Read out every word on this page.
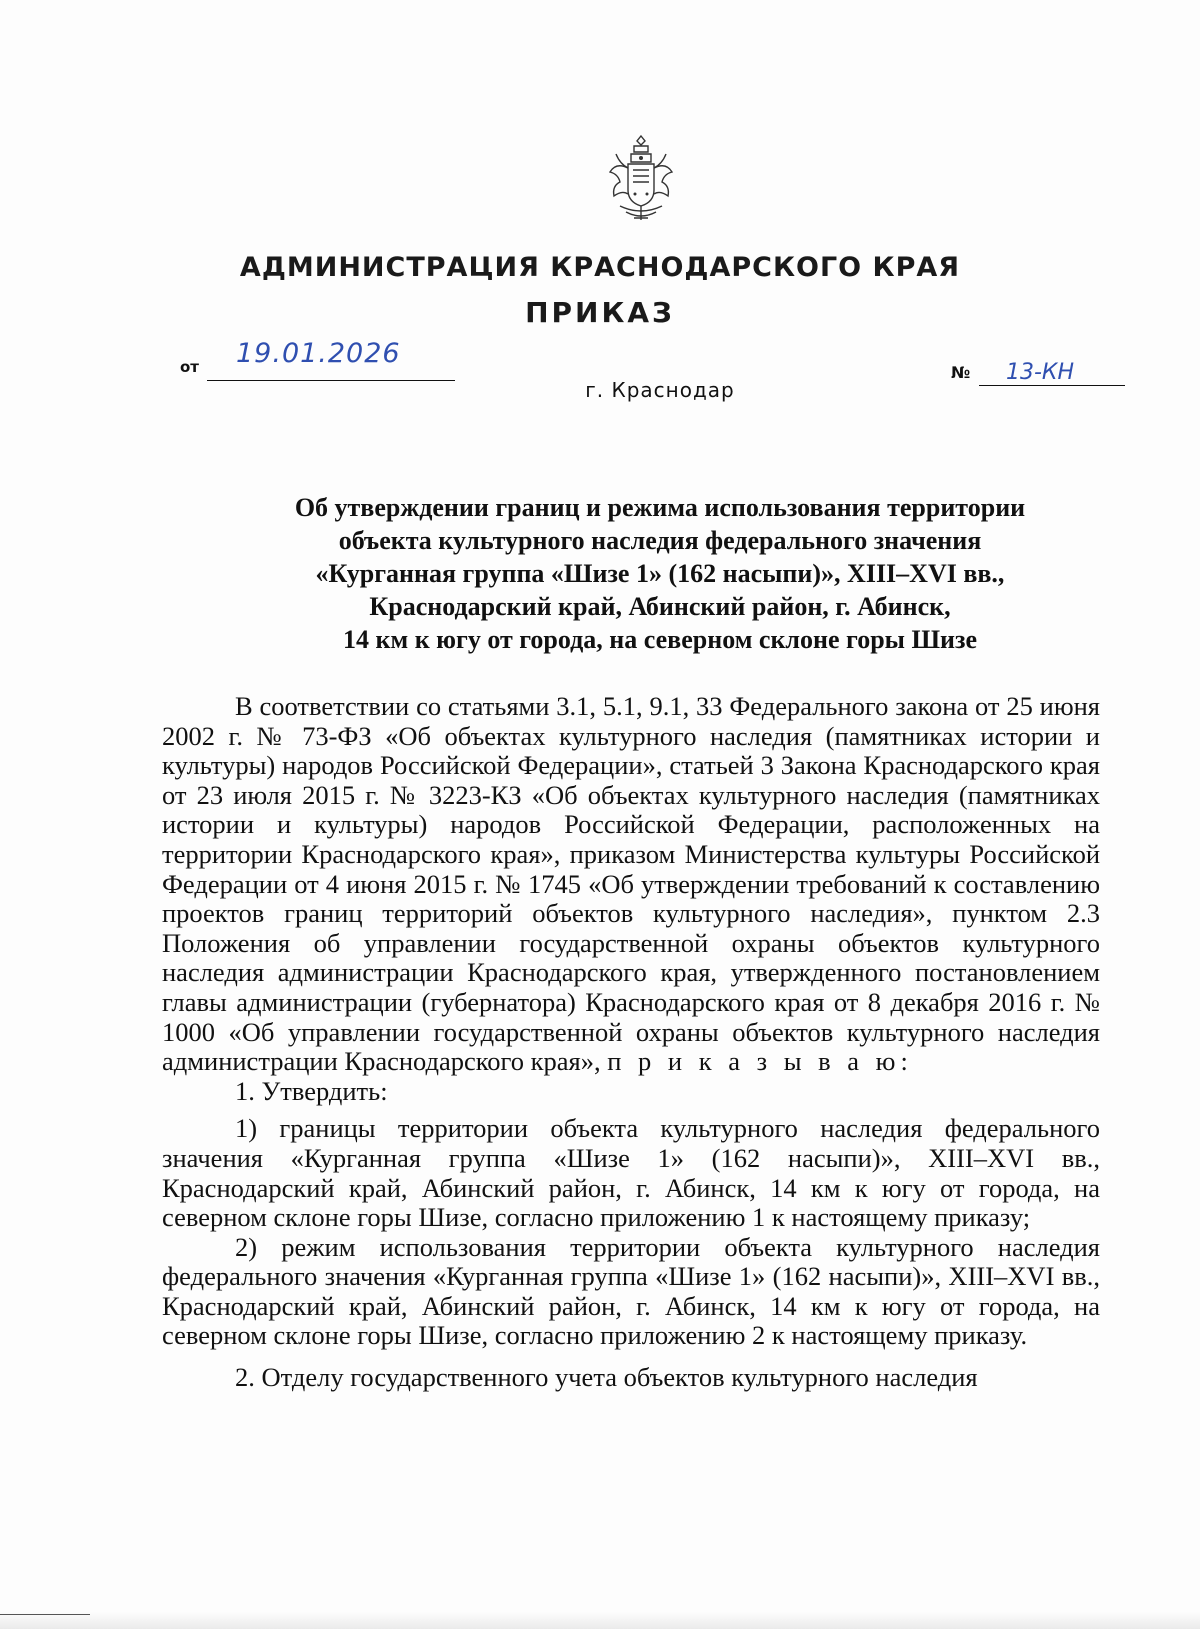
АДМИНИСТРАЦИЯ КРАСНОДАРСКОГО КРАЯ
ПРИКАЗ
от 19.01.2026
г. Краснодар
№ 13-КН
Об утверждении границ и режима использования территории
объекта культурного наследия федерального значения
«Курганная группа «Шизе 1» (162 насыпи)», XIII–XVI вв.,
Краснодарский край, Абинский район, г. Абинск,
14 км к югу от города, на северном склоне горы Шизе

В соответствии со статьями 3.1, 5.1, 9.1, 33 Федерального закона от 25 июня 2002 г. № 73-ФЗ «Об объектах культурного наследия (памятниках истории и культуры) народов Российской Федерации», статьей 3 Закона Краснодарского края от 23 июля 2015 г. № 3223-КЗ «Об объектах культурного наследия (памятниках истории и культуры) народов Российской Федерации, расположенных на территории Краснодарского края», приказом Министерства культуры Российской Федерации от 4 июня 2015 г. № 1745 «Об утверждении требований к составлению проектов границ территорий объектов культурного наследия», пунктом 2.3 Положения об управлении государственной охраны объектов культурного наследия администрации Краснодарского края, утвержденного постановлением главы администрации (губернатора) Краснодарского края от 8 декабря 2016 г. № 1000 «Об управлении государственной охраны объектов культурного наследия администрации Краснодарского края», п р и к а з ы в а ю:

1. Утвердить:

1) границы территории объекта культурного наследия федерального значения «Курганная группа «Шизе 1» (162 насыпи)», XIII–XVI вв., Краснодарский край, Абинский район, г. Абинск, 14 км к югу от города, на северном склоне горы Шизе, согласно приложению 1 к настоящему приказу;

2) режим использования территории объекта культурного наследия федерального значения «Курганная группа «Шизе 1» (162 насыпи)», XIII–XVI вв., Краснодарский край, Абинский район, г. Абинск, 14 км к югу от города, на северном склоне горы Шизе, согласно приложению 2 к настоящему приказу.

2. Отделу государственного учета объектов культурного наследия
